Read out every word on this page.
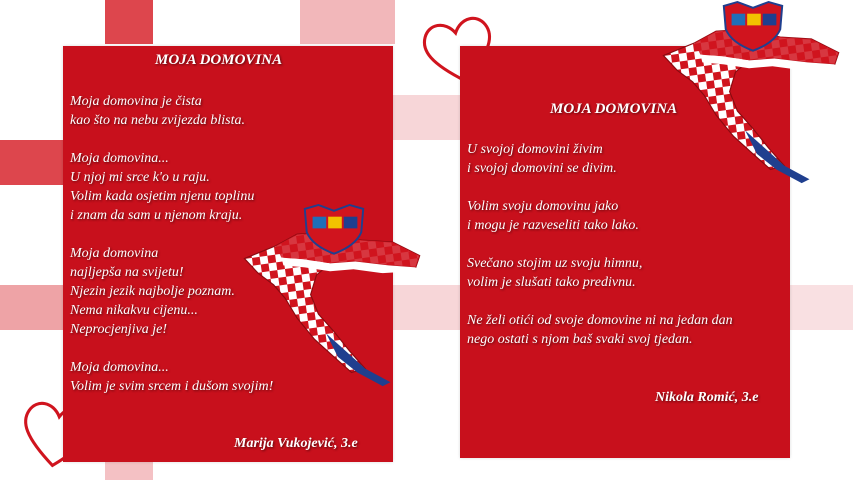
MOJA DOMOVINA
Moja domovina je čista
kao što na nebu zvijezda blista.
Moja domovina...
U njoj mi srce k'o u raju.
Volim kada osjetim njenu toplinu
i znam da sam u njenom kraju.
Moja domovina
najljepša na svijetu!
Njezin jezik najbolje poznam.
Nema nikakvu cijenu...
Neprocjenjiva je!
Moja domovina...
Volim je svim srcem i dušom svojim!
Marija Vukojević, 3.e
MOJA DOMOVINA
U svojoj domovini živim
i svojoj domovini se divim.
Volim svoju domovinu jako
i mogu je razveseliti tako lako.
Svečano stojim uz svoju himnu,
volim je slušati tako predivnu.
Ne želi otići od svoje domovine ni na jedan dan
nego ostati s njom baš svaki svoj tjedan.
Nikola Romić, 3.e
